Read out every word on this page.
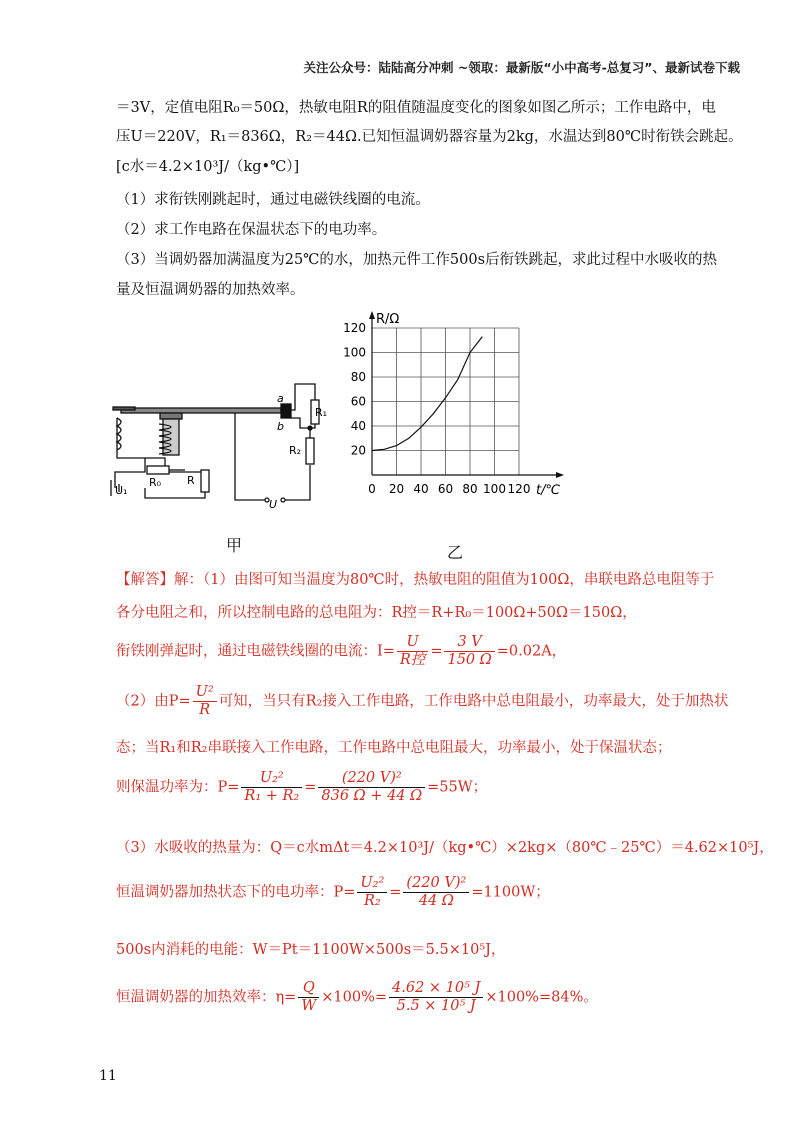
关注公众号：陆陆高分冲刺 ~领取：最新版“小中高考-总复习”、最新试卷下载
＝3V，定值电阻R₀＝50Ω，热敏电阻R的阻值随温度变化的图象如图乙所示；工作电路中，电
压U＝220V，R₁＝836Ω，R₂＝44Ω.已知恒温调奶器容量为2kg，水温达到80℃时衔铁会跳起。
[c水＝4.2×10³J/（kg•℃）]
（1）求衔铁刚跳起时，通过电磁铁线圈的电流。
（2）求工作电路在保温状态下的电功率。
（3）当调奶器加满温度为25℃的水，加热元件工作500s后衔铁跳起，求此过程中水吸收的热
量及恒温调奶器的加热效率。
a
b
R₁
R₂
R₀ R
U₁
U
甲
0 20 40 60 80 100 120
20
40
60
80
100
120
R/Ω
t/℃
乙
【解答】解：（1）由图可知当温度为80℃时，热敏电阻的阻值为100Ω，串联电路总电阻等于
各分电阻之和，所以控制电路的总电阻为：R控＝R+R₀＝100Ω+50Ω＝150Ω，
衔铁刚弹起时，通过电磁铁线圈的电流：$I= \frac{U}{\text{R控}} = \frac{3 V}{150 \Omega} =0.02A$，
（2）由$P= \frac{\text{U²}}{R}$ 可知，当只有R₂接入工作电路，工作电路中总电阻最小，功率最大，处于加热状
态；当R₁和R₂串联接入工作电路，工作电路中总电阻最大，功率最小，处于保温状态；
则保温功率为：$P= \frac{\text{U₂²}}{\text{R₁ + R₂}} = \frac{\text{(220 V)²}}{836 \Omega + 44 \Omega} =55W$；
（3）水吸收的热量为：Q＝c水mΔt＝4.2×10³J/（kg•℃）×2kg×（80℃﹣25℃）＝4.62×10⁵J，
恒温调奶器加热状态下的电功率：$P= \frac{\text{U₂²}}{\text{R₂}} = \frac{\text{(220 V)²}}{44 \Omega} =1100W$；
500s内消耗的电能：W＝Pt＝1100W×500s＝5.5×10⁵J，
恒温调奶器的加热效率：$\eta= \frac{Q}{W} \times 100\%= \frac{\text{4.62 × 10⁵ J}}{\text{5.5 × 10⁵ J}} \times 100\%=84\%$。
11
